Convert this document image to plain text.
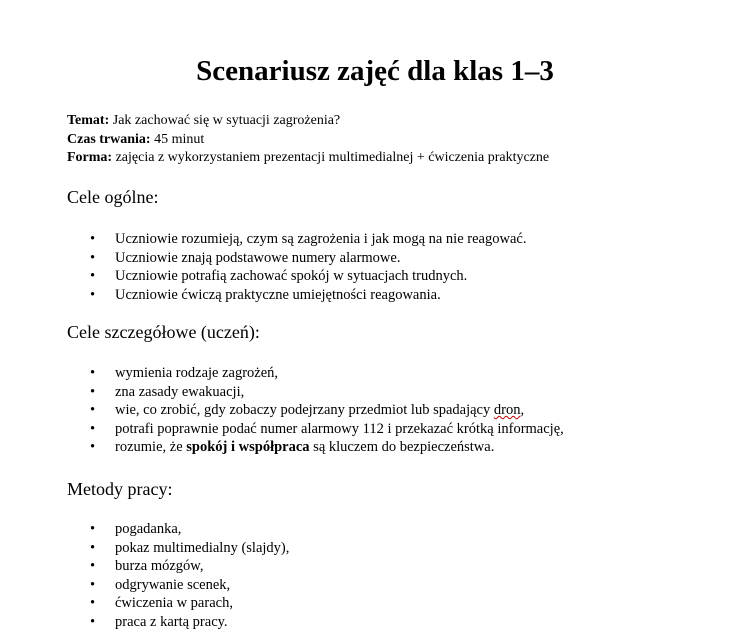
Scenariusz zajęć dla klas 1–3
Temat: Jak zachować się w sytuacji zagrożenia?
Czas trwania: 45 minut
Forma: zajęcia z wykorzystaniem prezentacji multimedialnej + ćwiczenia praktyczne
Cele ogólne:
• Uczniowie rozumieją, czym są zagrożenia i jak mogą na nie reagować.
• Uczniowie znają podstawowe numery alarmowe.
• Uczniowie potrafią zachować spokój w sytuacjach trudnych.
• Uczniowie ćwiczą praktyczne umiejętności reagowania.
Cele szczegółowe (uczeń):
• wymienia rodzaje zagrożeń,
• zna zasady ewakuacji,
• wie, co zrobić, gdy zobaczy podejrzany przedmiot lub spadający dron,
• potrafi poprawnie podać numer alarmowy 112 i przekazać krótką informację,
• rozumie, że spokój i współpraca są kluczem do bezpieczeństwa.
Metody pracy:
• pogadanka,
• pokaz multimedialny (slajdy),
• burza mózgów,
• odgrywanie scenek,
• ćwiczenia w parach,
• praca z kartą pracy.
